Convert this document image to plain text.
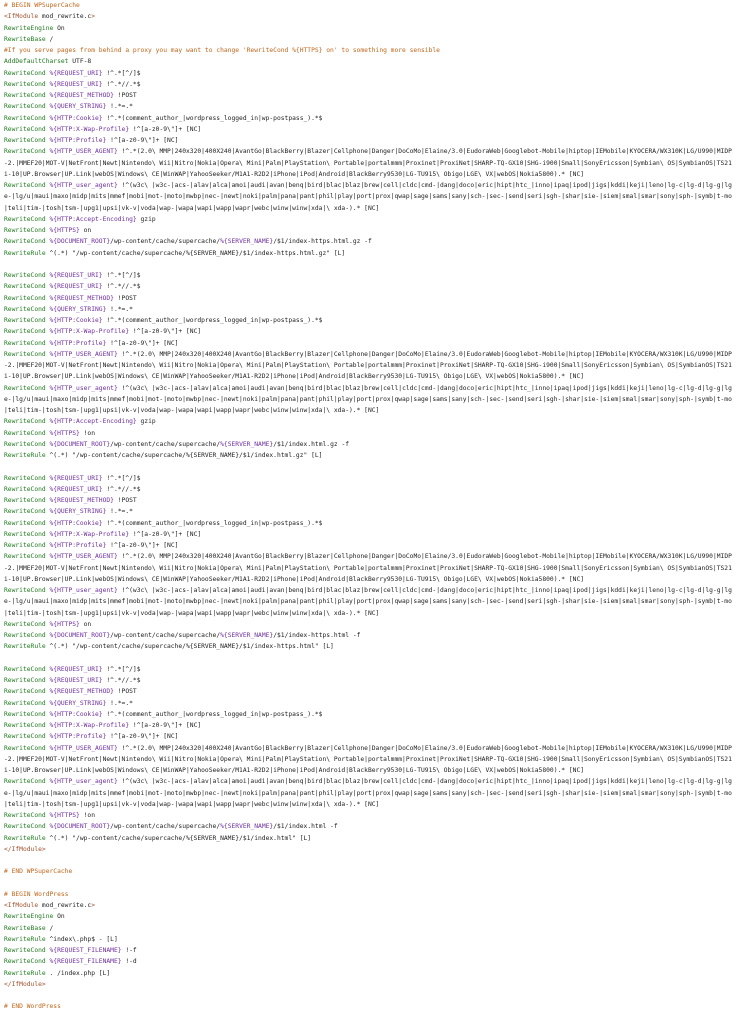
# BEGIN WPSuperCache
<IfModule mod_rewrite.c>
RewriteEngine On
RewriteBase /
#If you serve pages from behind a proxy you may want to change 'RewriteCond %{HTTPS} on' to something more sensible
AddDefaultCharset UTF-8
RewriteCond %{REQUEST_URI} !^.*[^/]$
RewriteCond %{REQUEST_URI} !^.*//.*$
RewriteCond %{REQUEST_METHOD} !POST
RewriteCond %{QUERY_STRING} !.*=.*
RewriteCond %{HTTP:Cookie} !^.*(comment_author_|wordpress_logged_in|wp-postpass_).*$
RewriteCond %{HTTP:X-Wap-Profile} !^[a-z0-9\"]+ [NC]
RewriteCond %{HTTP:Profile} !^[a-z0-9\"]+ [NC]
RewriteCond %{HTTP_USER_AGENT} !^.*(2.0\ MMP|240x320|400X240|AvantGo|BlackBerry|Blazer|Cellphone|Danger|DoCoMo|Elaine/3.0|EudoraWeb|Googlebot-Mobile|hiptop|IEMobile|KYOCERA/WX310K|LG/U990|MIDP-2.|MMEF20|MOT-V|NetFront|Newt|Nintendo\ Wii|Nitro|Nokia|Opera\ Mini|Palm|PlayStation\ Portable|portalmmm|Proxinet|ProxiNet|SHARP-TQ-GX10|SHG-i900|Small|SonyEricsson|Symbian\ OS|SymbianOS|TS21i-10|UP.Browser|UP.Link|webOS|Windows\ CE|WinWAP|YahooSeeker/M1A1-R2D2|iPhone|iPod|Android|BlackBerry9530|LG-TU915\ Obigo|LGE\ VX|webOS|Nokia5800).* [NC]
RewriteCond %{HTTP_user_agent} !^(w3c\ |w3c-|acs-|alav|alca|amoi|audi|avan|benq|bird|blac|blaz|brew|cell|cldc|cmd-|dang|doco|eric|hipt|htc_|inno|ipaq|ipod|jigs|kddi|keji|leno|lg-c|lg-d|lg-g|lge-|lg/u|maui|maxo|midp|mits|mmef|mobi|mot-|moto|mwbp|nec-|newt|noki|palm|pana|pant|phil|play|port|prox|qwap|sage|sams|sany|sch-|sec-|send|seri|sgh-|shar|sie-|siem|smal|smar|sony|sph-|symb|t-mo|teli|tim-|tosh|tsm-|upg1|upsi|vk-v|voda|wap-|wapa|wapi|wapp|wapr|webc|winw|winw|xda|\ xda-).* [NC]
RewriteCond %{HTTP:Accept-Encoding} gzip
RewriteCond %{HTTPS} on
RewriteCond %{DOCUMENT_ROOT}/wp-content/cache/supercache/%{SERVER_NAME}/$1/index-https.html.gz -f
RewriteRule ^(.*) "/wp-content/cache/supercache/%{SERVER_NAME}/$1/index-https.html.gz" [L]
RewriteCond %{REQUEST_URI} !^.*[^/]$
RewriteCond %{REQUEST_URI} !^.*//.*$
RewriteCond %{REQUEST_METHOD} !POST
RewriteCond %{QUERY_STRING} !.*=.*
RewriteCond %{HTTP:Cookie} !^.*(comment_author_|wordpress_logged_in|wp-postpass_).*$
RewriteCond %{HTTP:X-Wap-Profile} !^[a-z0-9\"]+ [NC]
RewriteCond %{HTTP:Profile} !^[a-z0-9\"]+ [NC]
RewriteCond %{HTTP_USER_AGENT} !^.*(2.0\ MMP|240x320|400X240|AvantGo|BlackBerry|Blazer|Cellphone|Danger|DoCoMo|Elaine/3.0|EudoraWeb|Googlebot-Mobile|hiptop|IEMobile|KYOCERA/WX310K|LG/U990|MIDP-2.|MMEF20|MOT-V|NetFront|Newt|Nintendo\ Wii|Nitro|Nokia|Opera\ Mini|Palm|PlayStation\ Portable|portalmmm|Proxinet|ProxiNet|SHARP-TQ-GX10|SHG-i900|Small|SonyEricsson|Symbian\ OS|SymbianOS|TS21i-10|UP.Browser|UP.Link|webOS|Windows\ CE|WinWAP|YahooSeeker/M1A1-R2D2|iPhone|iPod|Android|BlackBerry9530|LG-TU915\ Obigo|LGE\ VX|webOS|Nokia5800).* [NC]
RewriteCond %{HTTP_user_agent} !^(w3c\ |w3c-|acs-|alav|alca|amoi|audi|avan|benq|bird|blac|blaz|brew|cell|cldc|cmd-|dang|doco|eric|hipt|htc_|inno|ipaq|ipod|jigs|kddi|keji|leno|lg-c|lg-d|lg-g|lge-|lg/u|maui|maxo|midp|mits|mmef|mobi|mot-|moto|mwbp|nec-|newt|noki|palm|pana|pant|phil|play|port|prox|qwap|sage|sams|sany|sch-|sec-|send|seri|sgh-|shar|sie-|siem|smal|smar|sony|sph-|symb|t-mo|teli|tim-|tosh|tsm-|upg1|upsi|vk-v|voda|wap-|wapa|wapi|wapp|wapr|webc|winw|winw|xda|\ xda-).* [NC]
RewriteCond %{HTTP:Accept-Encoding} gzip
RewriteCond %{HTTPS} !on
RewriteCond %{DOCUMENT_ROOT}/wp-content/cache/supercache/%{SERVER_NAME}/$1/index.html.gz -f
RewriteRule ^(.*) "/wp-content/cache/supercache/%{SERVER_NAME}/$1/index.html.gz" [L]
RewriteCond %{REQUEST_URI} !^.*[^/]$
RewriteCond %{REQUEST_URI} !^.*//.*$
RewriteCond %{REQUEST_METHOD} !POST
RewriteCond %{QUERY_STRING} !.*=.*
RewriteCond %{HTTP:Cookie} !^.*(comment_author_|wordpress_logged_in|wp-postpass_).*$
RewriteCond %{HTTP:X-Wap-Profile} !^[a-z0-9\"]+ [NC]
RewriteCond %{HTTP:Profile} !^[a-z0-9\"]+ [NC]
RewriteCond %{HTTP_USER_AGENT} !^.*(2.0\ MMP|240x320|400X240|AvantGo|BlackBerry|Blazer|Cellphone|Danger|DoCoMo|Elaine/3.0|EudoraWeb|Googlebot-Mobile|hiptop|IEMobile|KYOCERA/WX310K|LG/U990|MIDP-2.|MMEF20|MOT-V|NetFront|Newt|Nintendo\ Wii|Nitro|Nokia|Opera\ Mini|Palm|PlayStation\ Portable|portalmmm|Proxinet|ProxiNet|SHARP-TQ-GX10|SHG-i900|Small|SonyEricsson|Symbian\ OS|SymbianOS|TS21i-10|UP.Browser|UP.Link|webOS|Windows\ CE|WinWAP|YahooSeeker/M1A1-R2D2|iPhone|iPod|Android|BlackBerry9530|LG-TU915\ Obigo|LGE\ VX|webOS|Nokia5800).* [NC]
RewriteCond %{HTTP_user_agent} !^(w3c\ |w3c-|acs-|alav|alca|amoi|audi|avan|benq|bird|blac|blaz|brew|cell|cldc|cmd-|dang|doco|eric|hipt|htc_|inno|ipaq|ipod|jigs|kddi|keji|leno|lg-c|lg-d|lg-g|lge-|lg/u|maui|maxo|midp|mits|mmef|mobi|mot-|moto|mwbp|nec-|newt|noki|palm|pana|pant|phil|play|port|prox|qwap|sage|sams|sany|sch-|sec-|send|seri|sgh-|shar|sie-|siem|smal|smar|sony|sph-|symb|t-mo|teli|tim-|tosh|tsm-|upg1|upsi|vk-v|voda|wap-|wapa|wapi|wapp|wapr|webc|winw|winw|xda|\ xda-).* [NC]
RewriteCond %{HTTPS} on
RewriteCond %{DOCUMENT_ROOT}/wp-content/cache/supercache/%{SERVER_NAME}/$1/index-https.html -f
RewriteRule ^(.*) "/wp-content/cache/supercache/%{SERVER_NAME}/$1/index-https.html" [L]
RewriteCond %{REQUEST_URI} !^.*[^/]$
RewriteCond %{REQUEST_URI} !^.*//.*$
RewriteCond %{REQUEST_METHOD} !POST
RewriteCond %{QUERY_STRING} !.*=.*
RewriteCond %{HTTP:Cookie} !^.*(comment_author_|wordpress_logged_in|wp-postpass_).*$
RewriteCond %{HTTP:X-Wap-Profile} !^[a-z0-9\"]+ [NC]
RewriteCond %{HTTP:Profile} !^[a-z0-9\"]+ [NC]
RewriteCond %{HTTP_USER_AGENT} !^.*(2.0\ MMP|240x320|400X240|AvantGo|BlackBerry|Blazer|Cellphone|Danger|DoCoMo|Elaine/3.0|EudoraWeb|Googlebot-Mobile|hiptop|IEMobile|KYOCERA/WX310K|LG/U990|MIDP-2.|MMEF20|MOT-V|NetFront|Newt|Nintendo\ Wii|Nitro|Nokia|Opera\ Mini|Palm|PlayStation\ Portable|portalmmm|Proxinet|ProxiNet|SHARP-TQ-GX10|SHG-i900|Small|SonyEricsson|Symbian\ OS|SymbianOS|TS21i-10|UP.Browser|UP.Link|webOS|Windows\ CE|WinWAP|YahooSeeker/M1A1-R2D2|iPhone|iPod|Android|BlackBerry9530|LG-TU915\ Obigo|LGE\ VX|webOS|Nokia5800).* [NC]
RewriteCond %{HTTP_user_agent} !^(w3c\ |w3c-|acs-|alav|alca|amoi|audi|avan|benq|bird|blac|blaz|brew|cell|cldc|cmd-|dang|doco|eric|hipt|htc_|inno|ipaq|ipod|jigs|kddi|keji|leno|lg-c|lg-d|lg-g|lge-|lg/u|maui|maxo|midp|mits|mmef|mobi|mot-|moto|mwbp|nec-|newt|noki|palm|pana|pant|phil|play|port|prox|qwap|sage|sams|sany|sch-|sec-|send|seri|sgh-|shar|sie-|siem|smal|smar|sony|sph-|symb|t-mo|teli|tim-|tosh|tsm-|upg1|upsi|vk-v|voda|wap-|wapa|wapi|wapp|wapr|webc|winw|winw|xda|\ xda-).* [NC]
RewriteCond %{HTTPS} !on
RewriteCond %{DOCUMENT_ROOT}/wp-content/cache/supercache/%{SERVER_NAME}/$1/index.html -f
RewriteRule ^(.*) "/wp-content/cache/supercache/%{SERVER_NAME}/$1/index.html" [L]
</IfModule>
# END WPSuperCache
# BEGIN WordPress
<IfModule mod_rewrite.c>
RewriteEngine On
RewriteBase /
RewriteRule ^index\.php$ - [L]
RewriteCond %{REQUEST_FILENAME} !-f
RewriteCond %{REQUEST_FILENAME} !-d
RewriteRule . /index.php [L]
</IfModule>
# END WordPress
